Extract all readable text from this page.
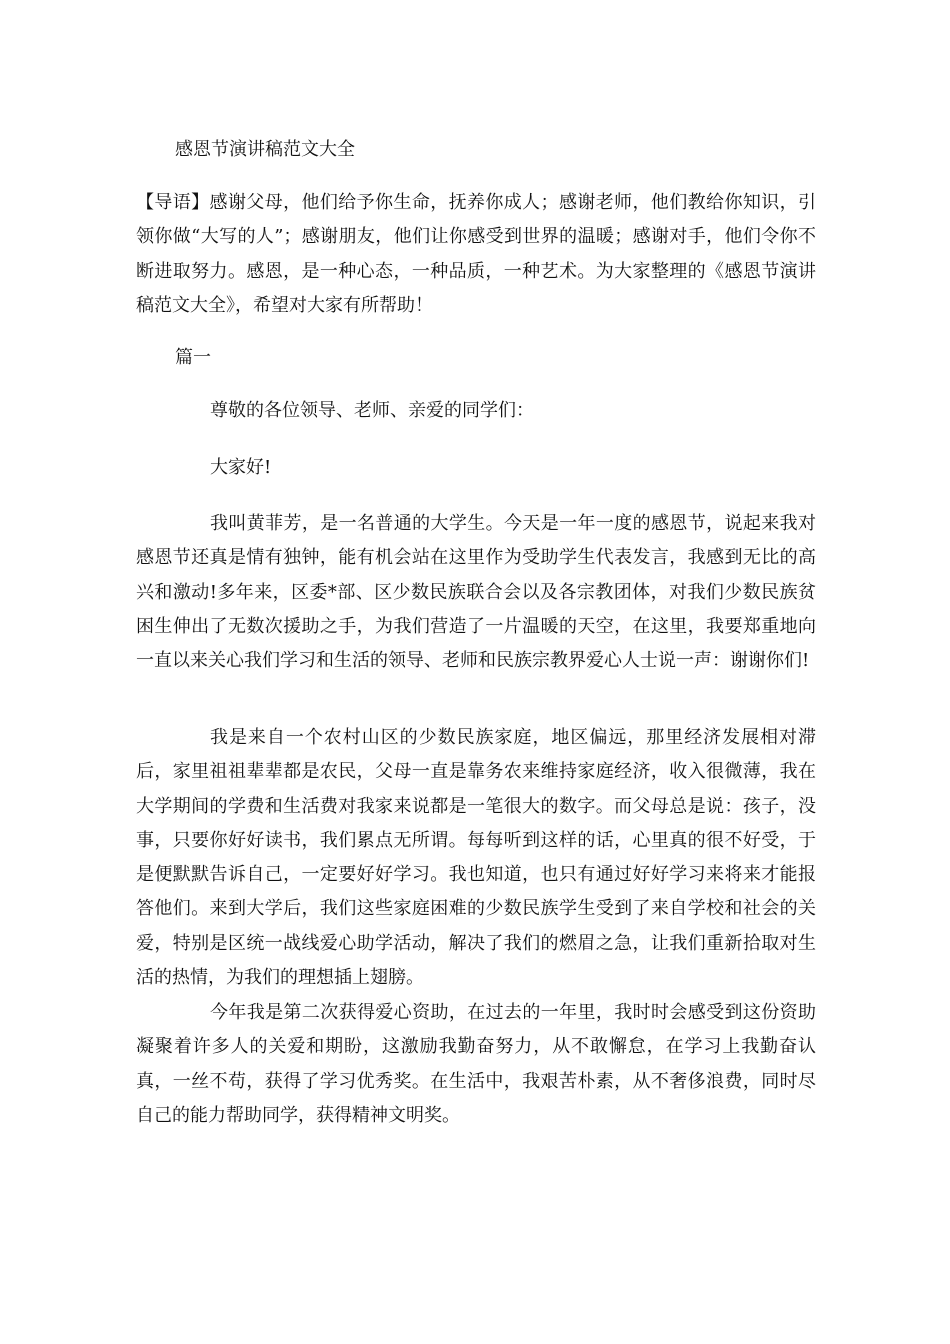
感恩节演讲稿范文大全

【导语】感谢父母，他们给予你生命，抚养你成人；感谢老师，他们教给你知识，引领你做“大写的人”；感谢朋友，他们让你感受到世界的温暖；感谢对手，他们令你不断进取努力。感恩，是一种心态，一种品质，一种艺术。为大家整理的《感恩节演讲稿范文大全》，希望对大家有所帮助！

篇一

尊敬的各位领导、老师、亲爱的同学们：

大家好!

我叫黄菲芳，是一名普通的大学生。今天是一年一度的感恩节，说起来我对感恩节还真是情有独钟，能有机会站在这里作为受助学生代表发言，我感到无比的高兴和激动!多年来，区委*部、区少数民族联合会以及各宗教团体，对我们少数民族贫困生伸出了无数次援助之手，为我们营造了一片温暖的天空，在这里，我要郑重地向一直以来关心我们学习和生活的领导、老师和民族宗教界爱心人士说一声：谢谢你们!

我是来自一个农村山区的少数民族家庭，地区偏远，那里经济发展相对滞后，家里祖祖辈辈都是农民，父母一直是靠务农来维持家庭经济，收入很微薄，我在大学期间的学费和生活费对我家来说都是一笔很大的数字。而父母总是说：孩子，没事，只要你好好读书，我们累点无所谓。每每听到这样的话，心里真的很不好受，于是便默默告诉自己，一定要好好学习。我也知道，也只有通过好好学习来将来才能报答他们。来到大学后，我们这些家庭困难的少数民族学生受到了来自学校和社会的关爱，特别是区统一战线爱心助学活动，解决了我们的燃眉之急，让我们重新拾取对生活的热情，为我们的理想插上翅膀。

今年我是第二次获得爱心资助，在过去的一年里，我时时会感受到这份资助凝聚着许多人的关爱和期盼，这激励我勤奋努力，从不敢懈怠，在学习上我勤奋认真，一丝不苟，获得了学习优秀奖。在生活中，我艰苦朴素，从不奢侈浪费，同时尽自己的能力帮助同学，获得精神文明奖。
